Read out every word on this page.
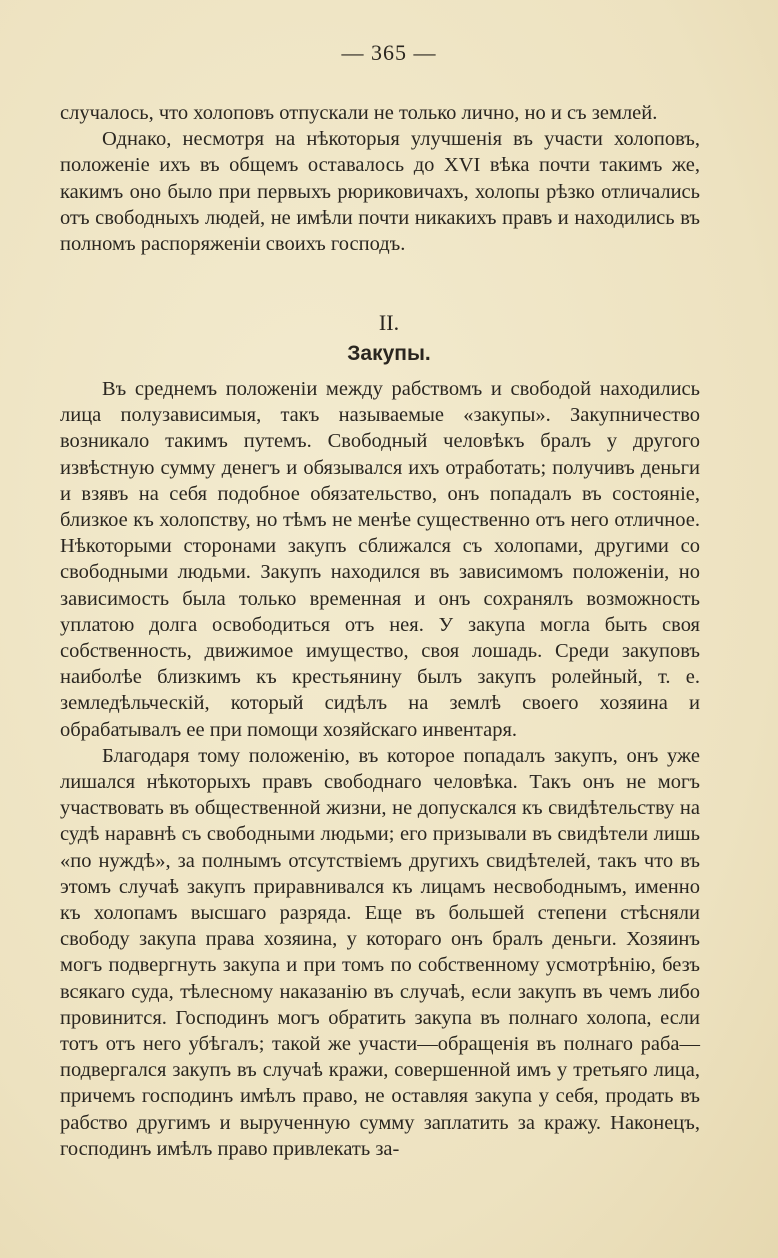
— 365 —

случалось, что холоповъ отпускали не только лично, но и съ землей.

Однако, несмотря на нѣкоторыя улучшенія въ участи холоповъ, положеніе ихъ въ общемъ оставалось до XVI вѣка почти такимъ же, какимъ оно было при первыхъ рюриковичахъ, холопы рѣзко отличались отъ свободныхъ людей, не имѣли почти никакихъ правъ и находились въ полномъ распоряженіи своихъ господъ.

II.
Закупы.

Въ среднемъ положеніи между рабствомъ и свободой находились лица полузависимыя, такъ называемые «закупы». Закупничество возникало такимъ путемъ. Свободный человѣкъ бралъ у другого извѣстную сумму денегъ и обязывался ихъ отработать; получивъ деньги и взявъ на себя подобное обязательство, онъ попадалъ въ состояніе, близкое къ холопству, но тѣмъ не менѣе существенно отъ него отличное. Нѣкоторыми сторонами закупъ сближался съ холопами, другими со свободными людьми. Закупъ находился въ зависимомъ положеніи, но зависимость была только временная и онъ сохранялъ возможность уплатою долга освободиться отъ нея. У закупа могла быть своя собственность, движимое имущество, своя лошадь. Среди закуповъ наиболѣе близкимъ къ крестьянину былъ закупъ ролейный, т. е. земледѣльческій, который сидѣлъ на землѣ своего хозяина и обрабатывалъ ее при помощи хозяйскаго инвентаря.

Благодаря тому положенію, въ которое попадалъ закупъ, онъ уже лишался нѣкоторыхъ правъ свободнаго человѣка. Такъ онъ не могъ участвовать въ общественной жизни, не допускался къ свидѣтельству на судѣ наравнѣ съ свободными людьми; его призывали въ свидѣтели лишь «по нуждѣ», за полнымъ отсутствіемъ другихъ свидѣтелей, такъ что въ этомъ случаѣ закупъ приравнивался къ лицамъ несвободнымъ, именно къ холопамъ высшаго разряда. Еще въ большей степени стѣсняли свободу закупа права хозяина, у котораго онъ бралъ деньги. Хозяинъ могъ подвергнуть закупа и при томъ по собственному усмотрѣнію, безъ всякаго суда, тѣлесному наказанію въ случаѣ, если закупъ въ чемъ либо провинится. Господинъ могъ обратить закупа въ полнаго холопа, если тотъ отъ него убѣгалъ; такой же участи—обращенія въ полнаго раба—подвергался закупъ въ случаѣ кражи, совершенной имъ у третьяго лица, причемъ господинъ имѣлъ право, не оставляя закупа у себя, продать въ рабство другимъ и вырученную сумму заплатить за кражу. Наконецъ, господинъ имѣлъ право привлекать за-
